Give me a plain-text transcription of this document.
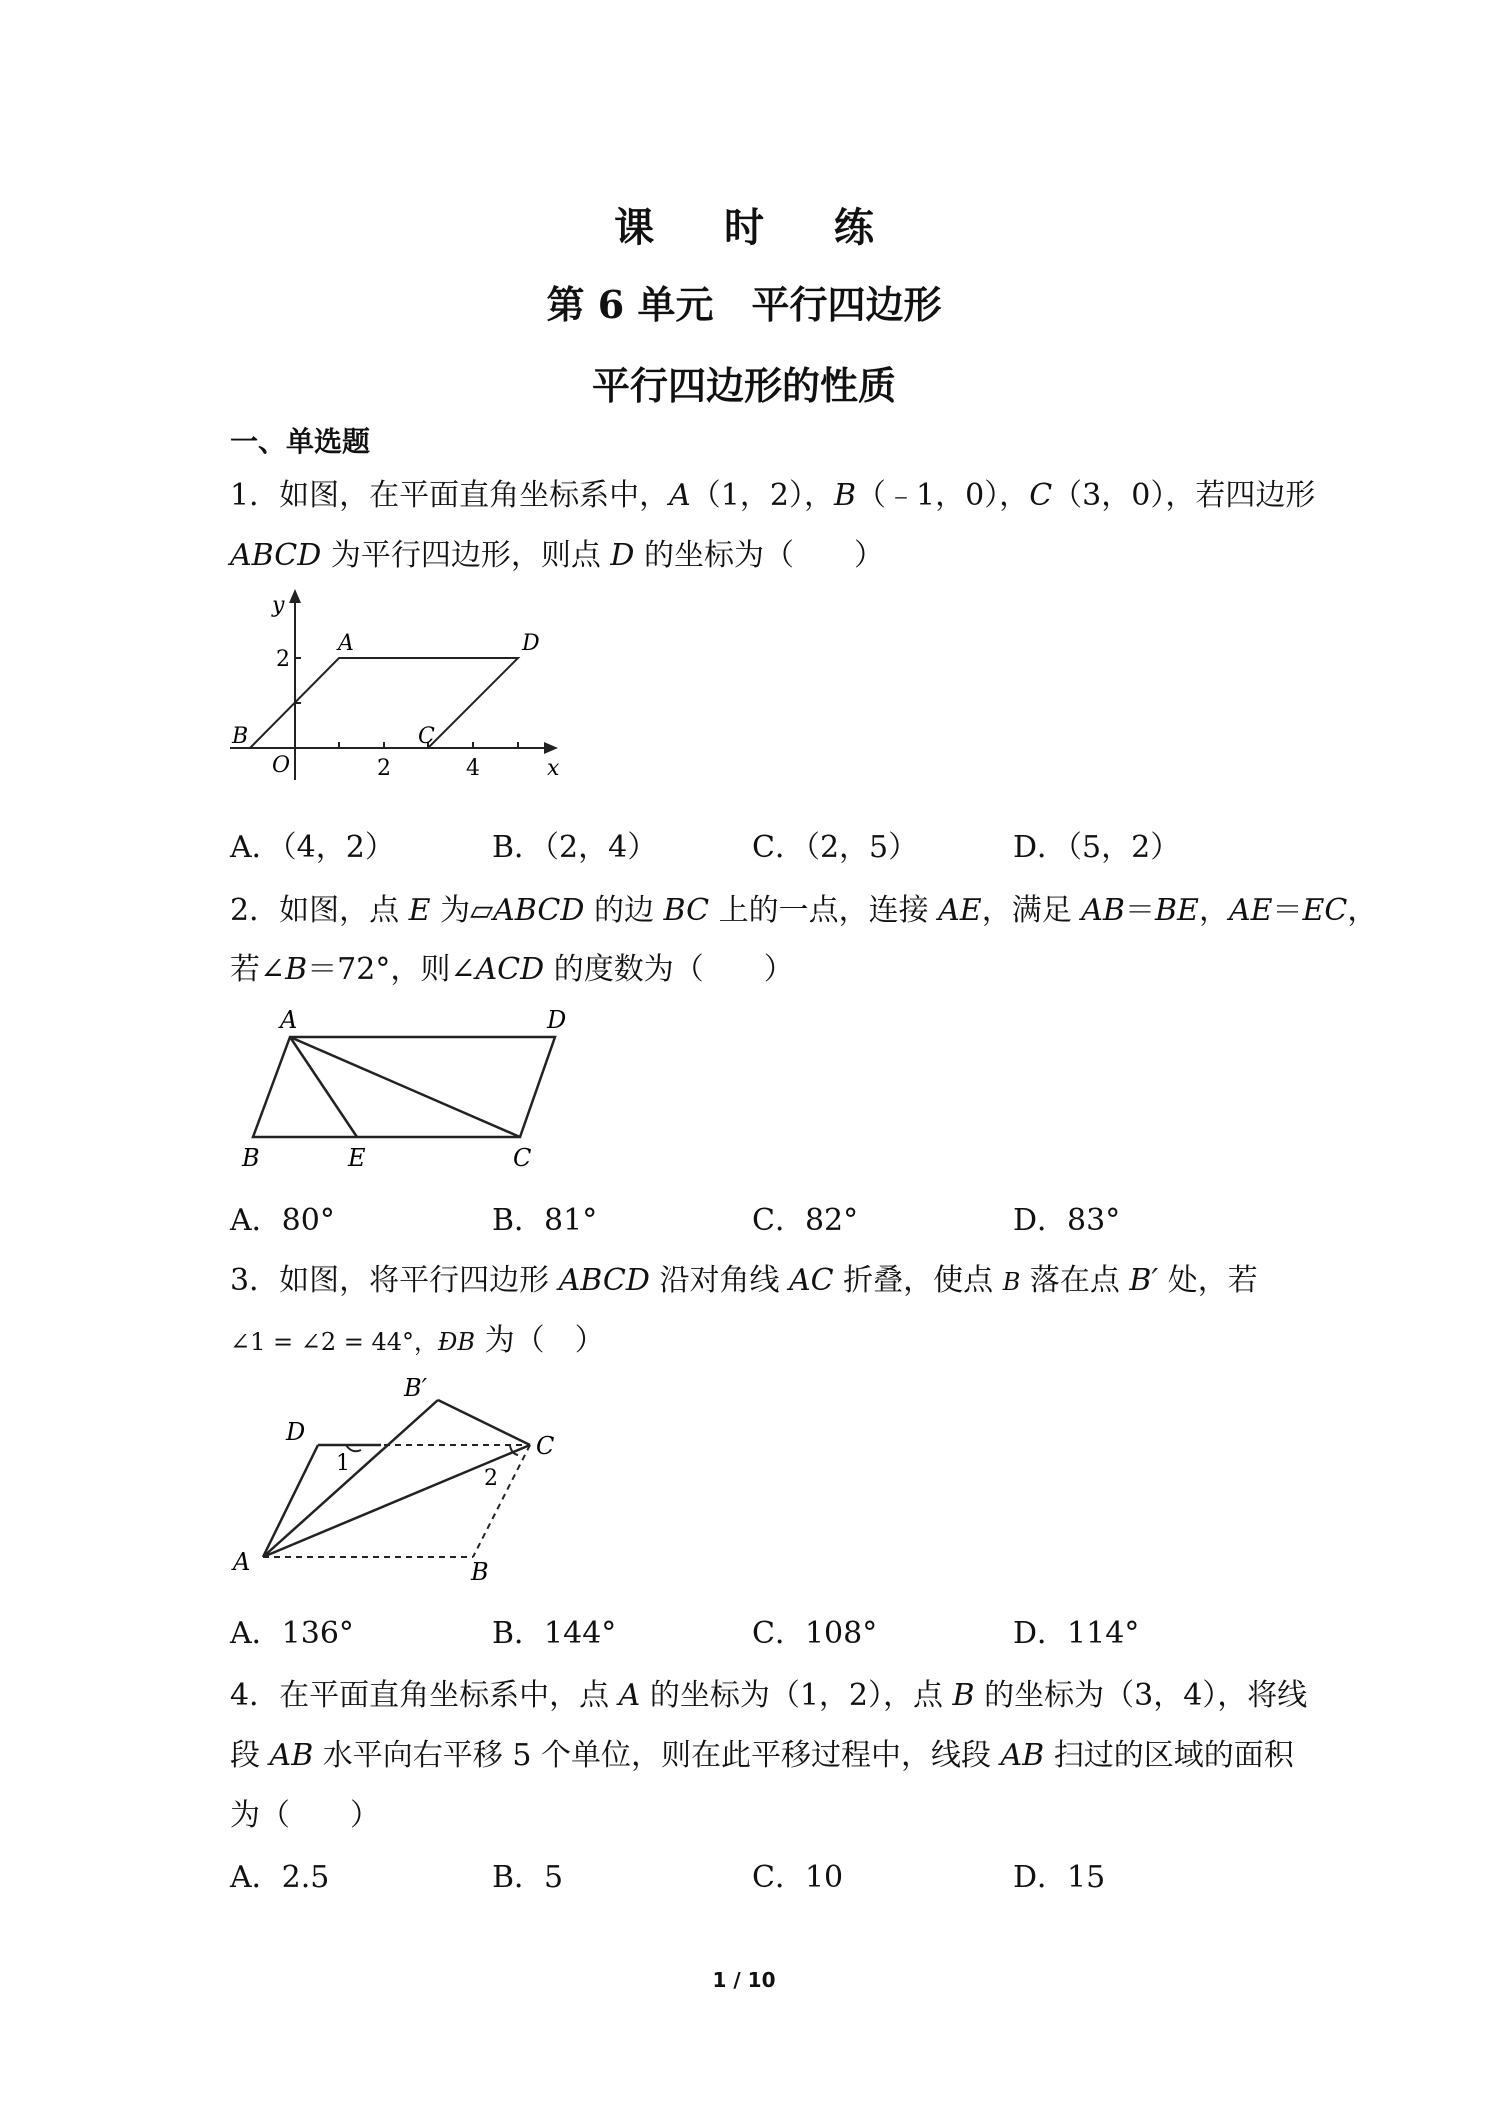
课 时 练
第 6 单元　平行四边形
平行四边形的性质
一、单选题
1．如图，在平面直角坐标系中，A（1，2），B（﹣1，0），C（3，0），若四边形
ABCD 为平行四边形，则点 D 的坐标为（　　）
y
x
A	D
B	C
O
2
2	4
A．（4，2）	B．（2，4）	C．（2，5）	D．（5，2）
2．如图，点 E 为▱ABCD 的边 BC 上的一点，连接 AE，满足 AB＝BE，AE＝EC，
若∠B＝72°，则∠ACD 的度数为（　　）
A	D
B	E	C
A．80°	B．81°	C．82°	D．83°
3．如图，将平行四边形 ABCD 沿对角线 AC 折叠，使点 B 落在点 B′ 处，若
∠1 = ∠2 = 44°，ÐB 为（　）
B′
D	C
A	B
1
2
A．136°	B．144°	C．108°	D．114°
4．在平面直角坐标系中，点 A 的坐标为（1，2），点 B 的坐标为（3，4），将线
段 AB 水平向右平移 5 个单位，则在此平移过程中，线段 AB 扫过的区域的面积
为（　　）
A．2.5	B．5	C．10	D．15
1 / 10
